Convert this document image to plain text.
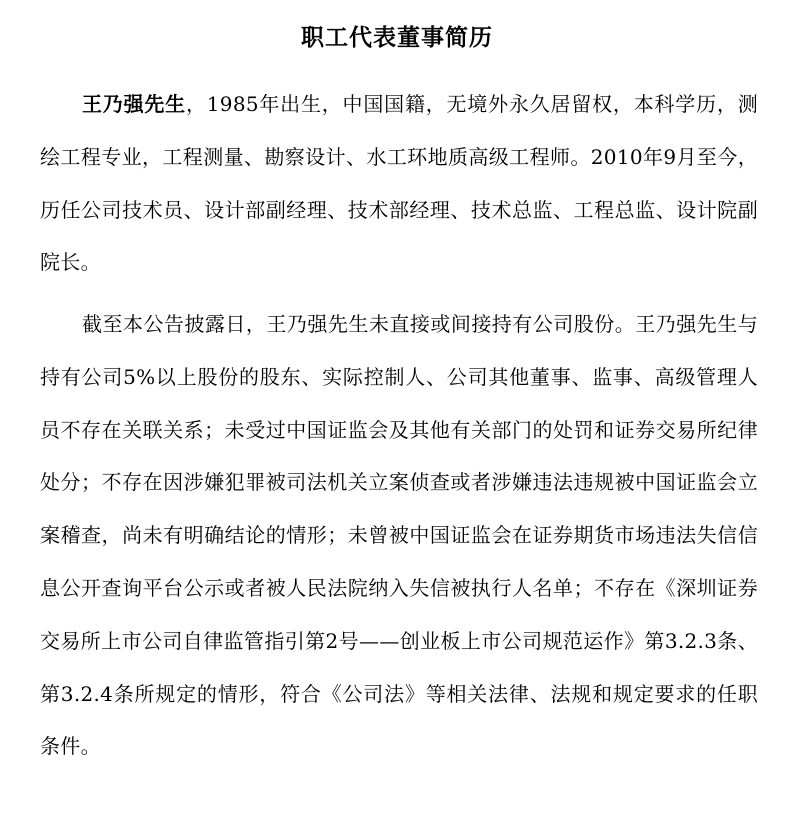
职工代表董事简历

王乃强先生，1985年出生，中国国籍，无境外永久居留权，本科学历，测绘工程专业，工程测量、勘察设计、水工环地质高级工程师。2010年9月至今，历任公司技术员、设计部副经理、技术部经理、技术总监、工程总监、设计院副院长。

截至本公告披露日，王乃强先生未直接或间接持有公司股份。王乃强先生与持有公司5%以上股份的股东、实际控制人、公司其他董事、监事、高级管理人员不存在关联关系；未受过中国证监会及其他有关部门的处罚和证券交易所纪律处分；不存在因涉嫌犯罪被司法机关立案侦查或者涉嫌违法违规被中国证监会立案稽查，尚未有明确结论的情形；未曾被中国证监会在证券期货市场违法失信信息公开查询平台公示或者被人民法院纳入失信被执行人名单；不存在《深圳证券交易所上市公司自律监管指引第2号——创业板上市公司规范运作》第3.2.3条、第3.2.4条所规定的情形，符合《公司法》等相关法律、法规和规定要求的任职条件。
